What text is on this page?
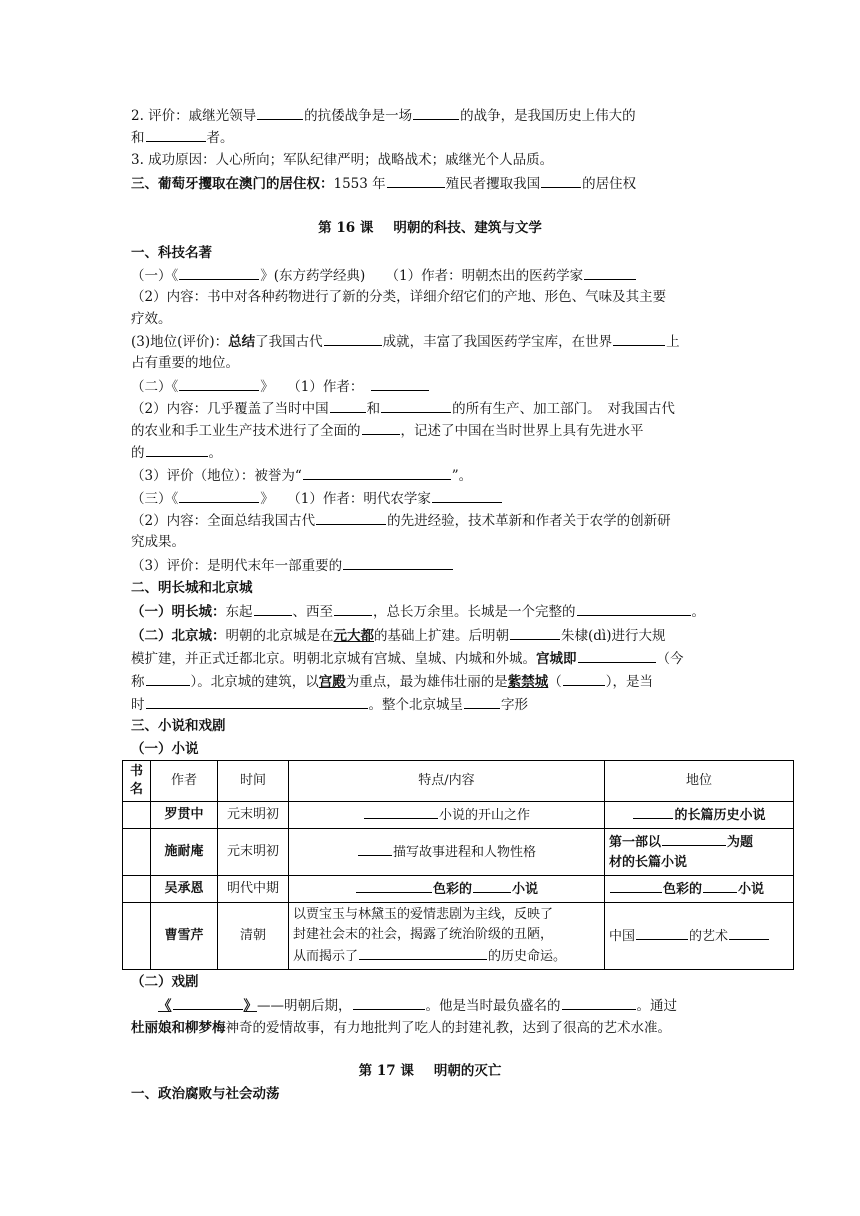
2. 评价：戚继光领导	的抗倭战争是一场	的战争，是我国历史上伟大的
和	者。
3. 成功原因：人心所向；军队纪律严明；战略战术；戚继光个人品质。
三、葡萄牙攫取在澳门的居住权：1553 年	殖民者攫取我国	的居住权
第 16 课 明朝的科技、建筑与文学
一、科技名著
（一）《	》(东方药学经典)　　 （1）作者：明朝杰出的医药学家
（2）内容：书中对各种药物进行了新的分类，详细介绍它们的产地、形色、气味及其主要
疗效。
(3)地位(评价)：总结了我国古代	成就，丰富了我国医药学宝库，在世界	上
占有重要的地位。
（二）《	》　　 （1）作者：　
（2）内容：几乎覆盖了当时中国	和	的所有生产、加工部门。　对我国古代
的农业和手工业生产技术进行了全面的	，记述了中国在当时世界上具有先进水平
的	。
（3）评价（地位）：被誉为“	”。
（三）《	》　　 （1）作者：明代农学家
（2）内容：全面总结我国古代	的先进经验，技术革新和作者关于农学的创新研
究成果。
（3）评价：是明代末年一部重要的
二、明长城和北京城
（一）明长城：东起	、西至	，总长万余里。长城是一个完整的	。
（二）北京城：明朝的北京城是在元大都的基础上扩建。后明朝	朱棣(dì)进行大规
模扩建，并正式迁都北京。明朝北京城有宫城、皇城、内城和外城。宫城即	（今
称	）。北京城的建筑，以宫殿为重点，最为雄伟壮丽的是紫禁城（	），是当
时	。整个北京城呈	字形
三、小说和戏剧
（一）小说
书名	作者	时间	特点/内容	地位
	罗贯中	元末明初	小说的开山之作	的长篇历史小说
	施耐庵	元末明初	描写故事进程和人物性格	第一部以 为题
材的长篇小说
	吴承恩	明代中期	色彩的 小说	色彩的 小说
	曹雪芹	清朝	以贾宝玉与林黛玉的爱情悲剧为主线，反映了
封建社会末的社会，揭露了统治阶级的丑陋，
从而揭示了 的历史命运。	中国 的艺术
（二）戏剧
《	》——明朝后期，	。他是当时最负盛名的	。通过
杜丽娘和柳梦梅神奇的爱情故事，有力地批判了吃人的封建礼教，达到了很高的艺术水准。
第 17 课 明朝的灭亡
一、政治腐败与社会动荡
